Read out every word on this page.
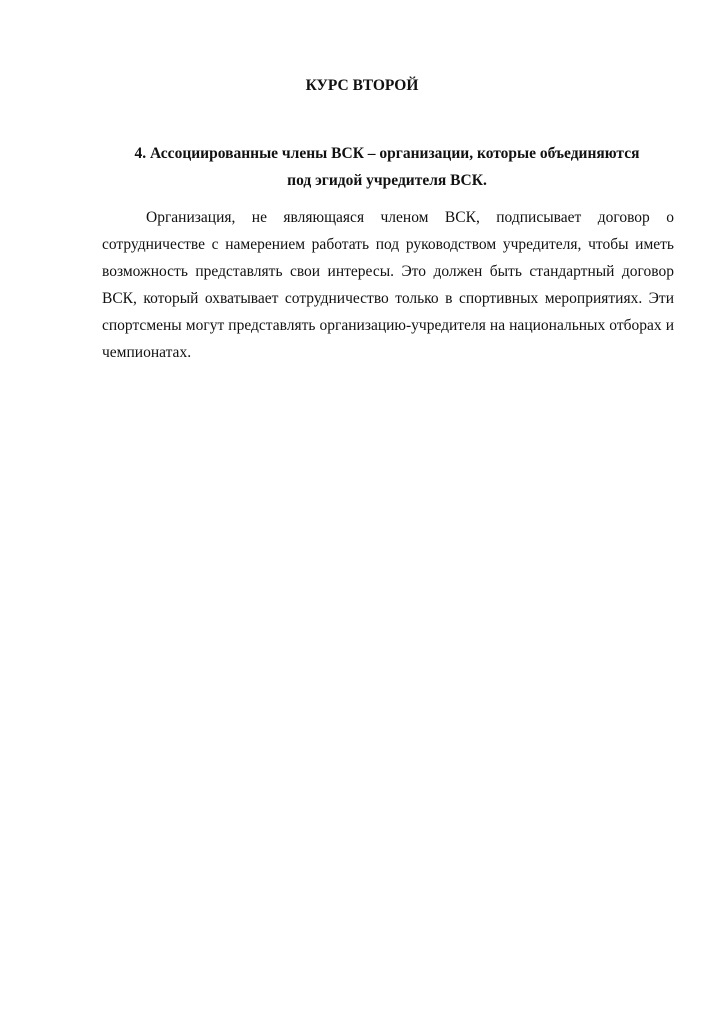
КУРС ВТОРОЙ
4. Ассоциированные члены ВСК – организации, которые объединяются
под эгидой учредителя ВСК.

Организация, не являющаяся членом ВСК, подписывает договор о сотрудничестве с намерением работать под руководством учредителя, чтобы иметь возможность представлять свои интересы. Это должен быть стандартный договор ВСК, который охватывает сотрудничество только в спортивных мероприятиях. Эти спортсмены могут представлять организацию-учредителя на национальных отборах и чемпионатах.
